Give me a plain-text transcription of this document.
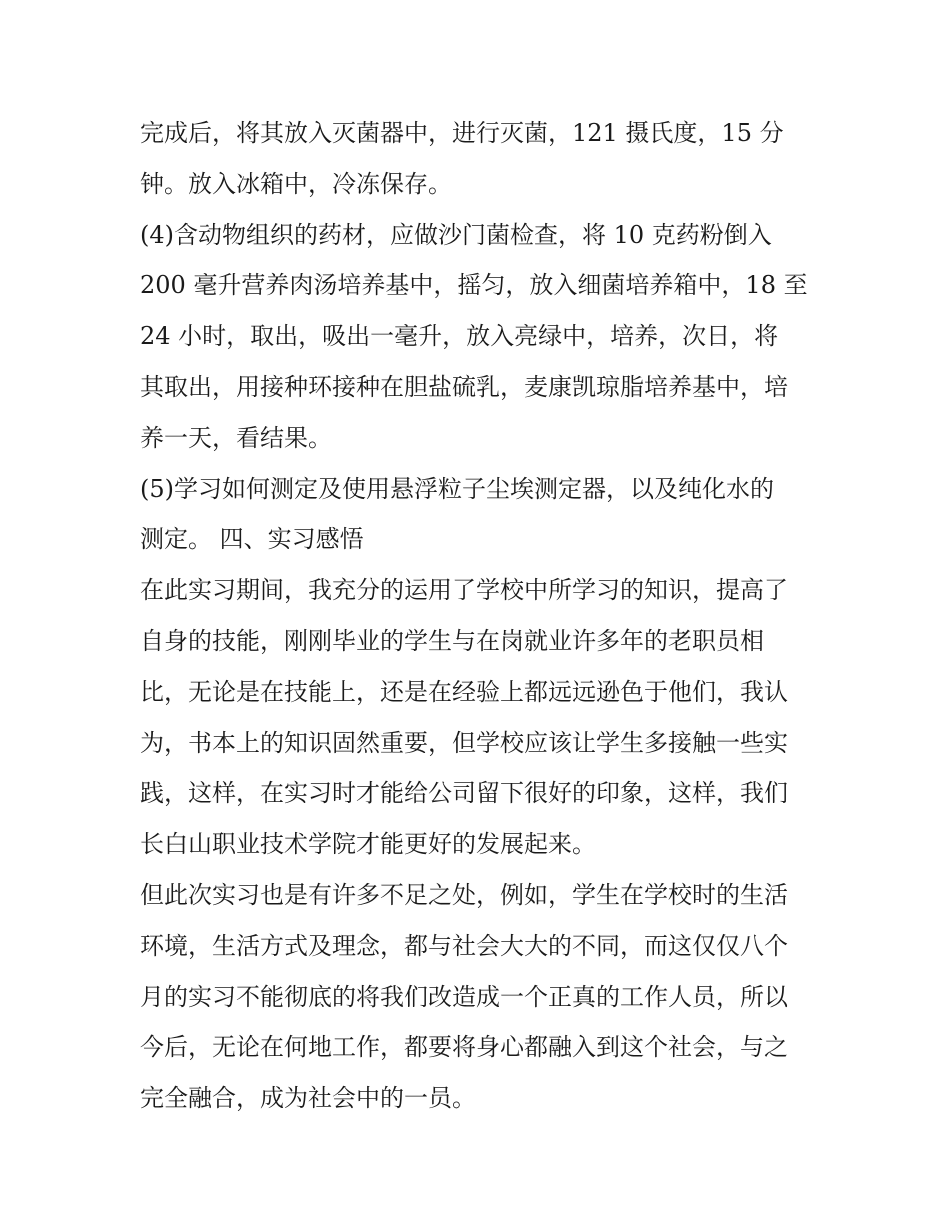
完成后，将其放入灭菌器中，进行灭菌，121 摄氏度，15 分
钟。放入冰箱中，冷冻保存。
(4)含动物组织的药材，应做沙门菌检查，将 10 克药粉倒入
200 毫升营养肉汤培养基中，摇匀，放入细菌培养箱中，18 至
24 小时，取出，吸出一毫升，放入亮绿中，培养，次日，将
其取出，用接种环接种在胆盐硫乳，麦康凯琼脂培养基中，培
养一天，看结果。
(5)学习如何测定及使用悬浮粒子尘埃测定器，以及纯化水的
测定。 四、实习感悟
在此实习期间，我充分的运用了学校中所学习的知识，提高了
自身的技能，刚刚毕业的学生与在岗就业许多年的老职员相
比，无论是在技能上，还是在经验上都远远逊色于他们，我认
为，书本上的知识固然重要，但学校应该让学生多接触一些实
践，这样，在实习时才能给公司留下很好的印象，这样，我们
长白山职业技术学院才能更好的发展起来。
但此次实习也是有许多不足之处，例如，学生在学校时的生活
环境，生活方式及理念，都与社会大大的不同，而这仅仅八个
月的实习不能彻底的将我们改造成一个正真的工作人员，所以
今后，无论在何地工作，都要将身心都融入到这个社会，与之
完全融合，成为社会中的一员。
